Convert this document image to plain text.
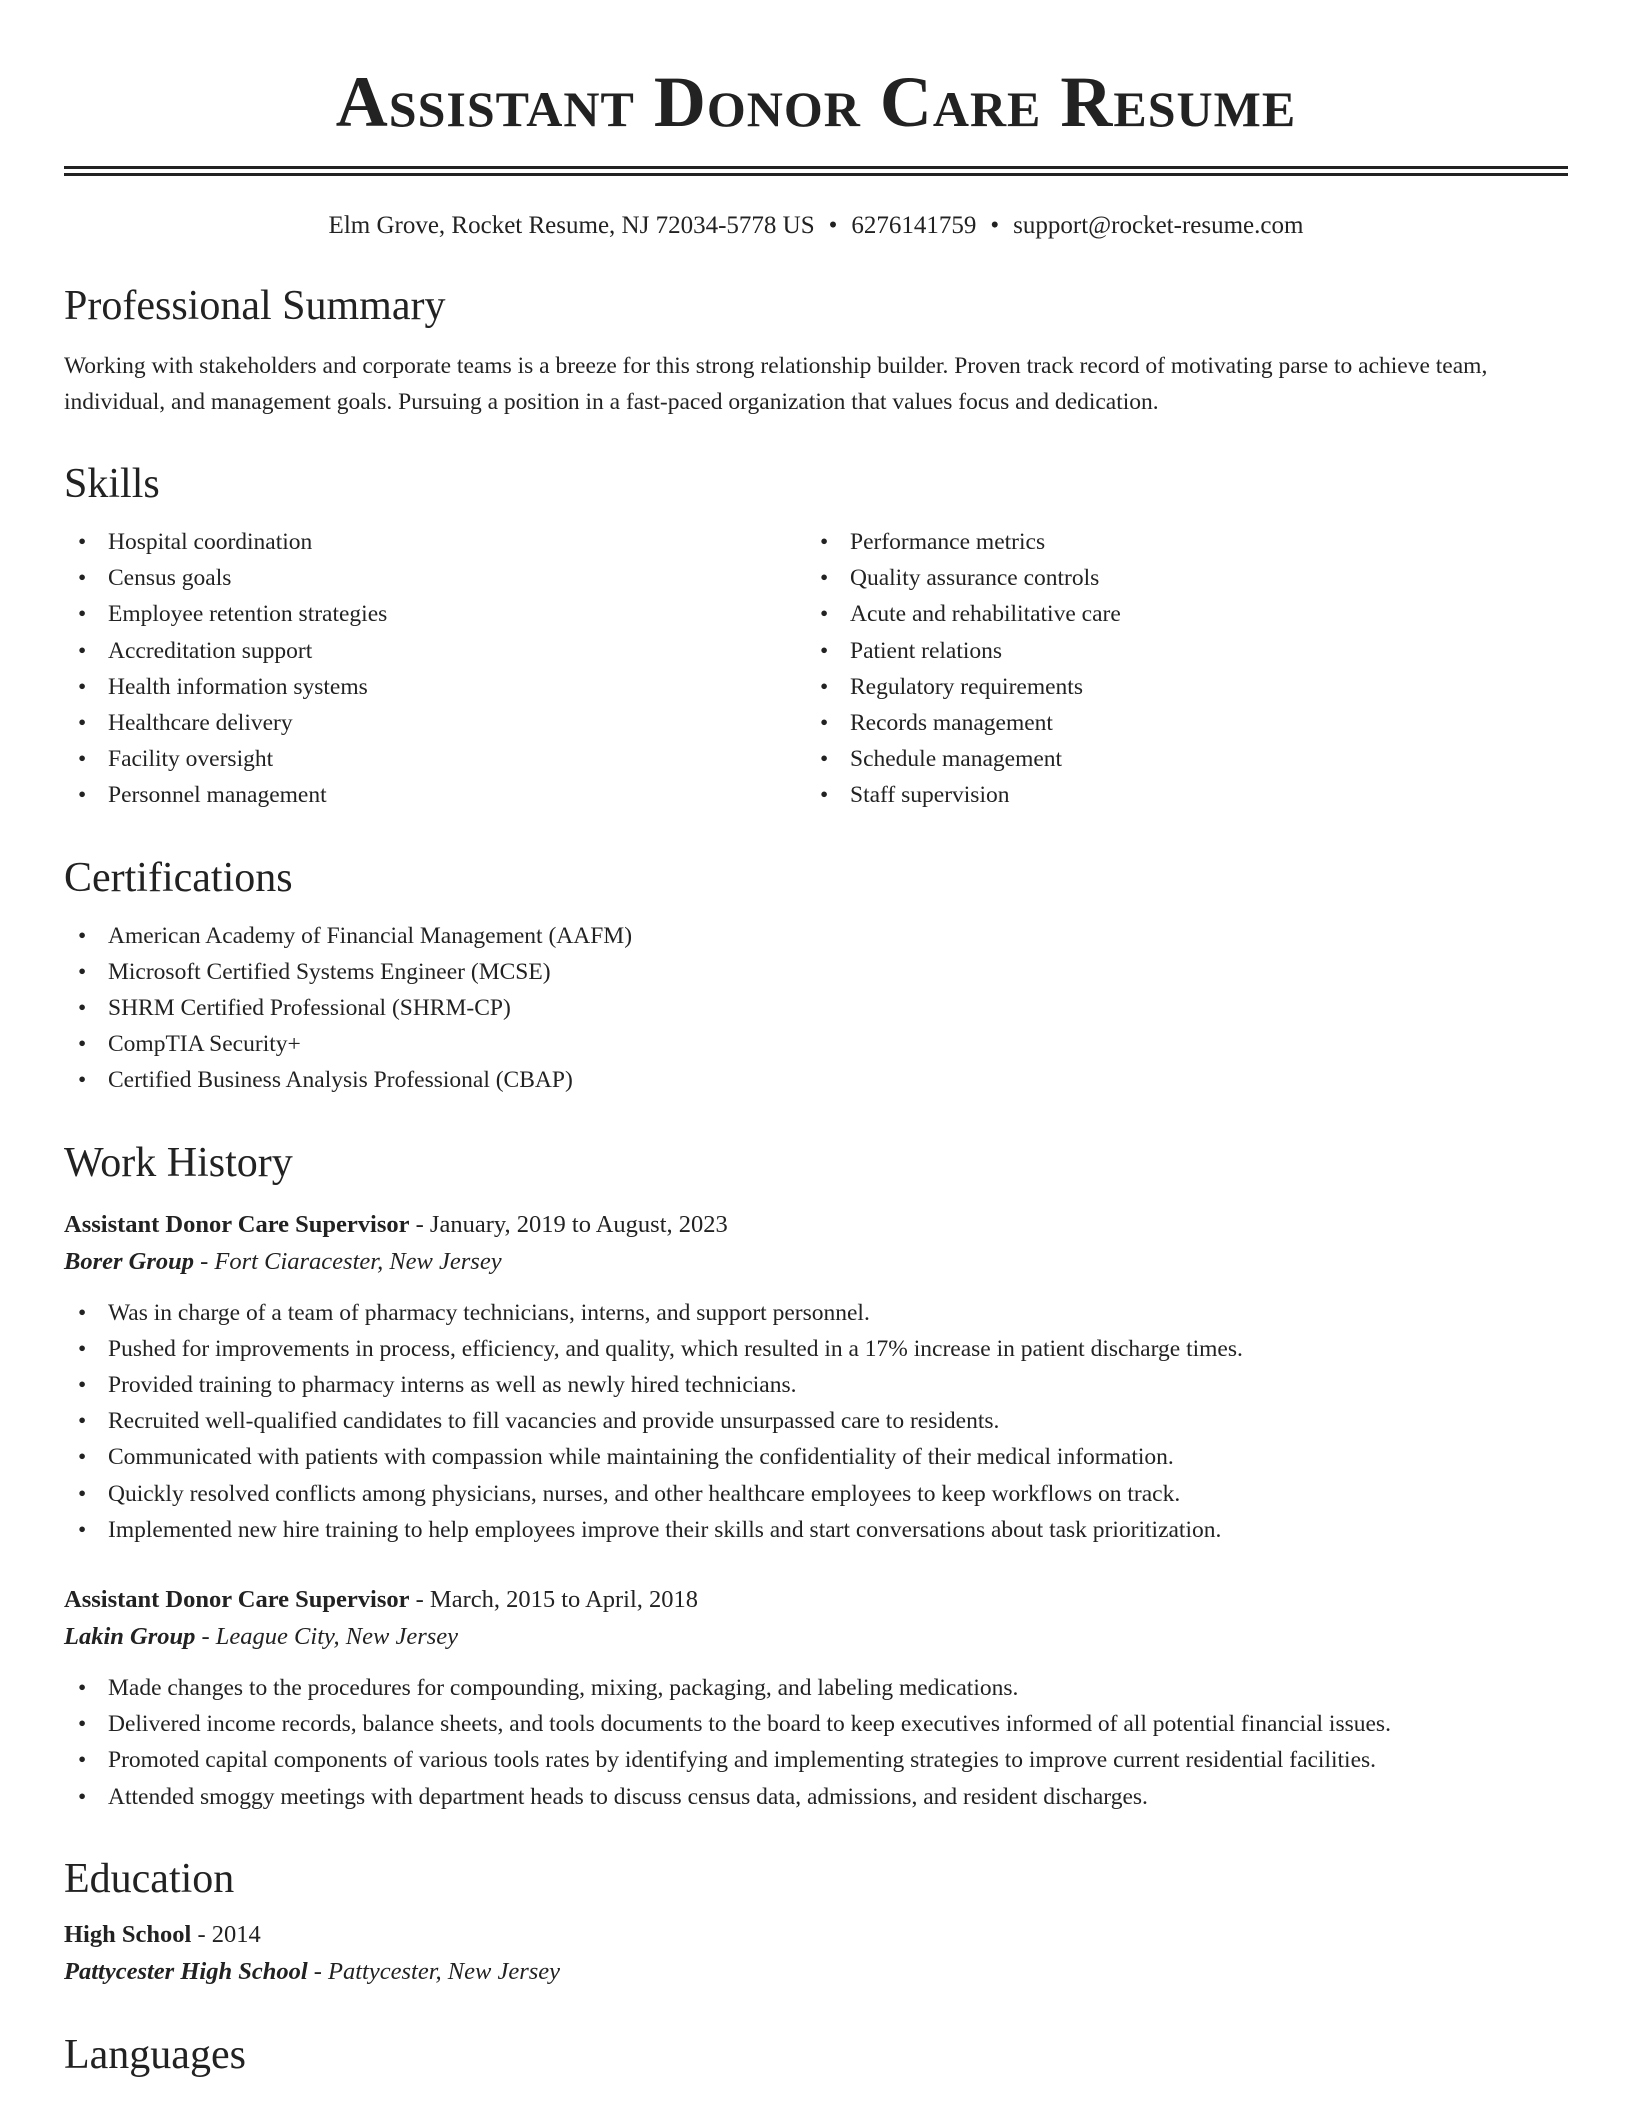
Assistant Donor Care Resume
Elm Grove, Rocket Resume, NJ 72034-5778 US • 6276141759 • support@rocket-resume.com
Professional Summary

Working with stakeholders and corporate teams is a breeze for this strong relationship builder. Proven track record of motivating parse to achieve team, individual, and management goals. Pursuing a position in a fast-paced organization that values focus and dedication.

Skills
• Hospital coordination
• Census goals
• Employee retention strategies
• Accreditation support
• Health information systems
• Healthcare delivery
• Facility oversight
• Personnel management
• Performance metrics
• Quality assurance controls
• Acute and rehabilitative care
• Patient relations
• Regulatory requirements
• Records management
• Schedule management
• Staff supervision
Certifications
• American Academy of Financial Management (AAFM)
• Microsoft Certified Systems Engineer (MCSE)
• SHRM Certified Professional (SHRM-CP)
• CompTIA Security+
• Certified Business Analysis Professional (CBAP)
Work History
Assistant Donor Care Supervisor - January, 2019 to August, 2023
Borer Group - Fort Ciaracester, New Jersey
• Was in charge of a team of pharmacy technicians, interns, and support personnel.
• Pushed for improvements in process, efficiency, and quality, which resulted in a 17% increase in patient discharge times.
• Provided training to pharmacy interns as well as newly hired technicians.
• Recruited well-qualified candidates to fill vacancies and provide unsurpassed care to residents.
• Communicated with patients with compassion while maintaining the confidentiality of their medical information.
• Quickly resolved conflicts among physicians, nurses, and other healthcare employees to keep workflows on track.
• Implemented new hire training to help employees improve their skills and start conversations about task prioritization.
Assistant Donor Care Supervisor - March, 2015 to April, 2018
Lakin Group - League City, New Jersey
• Made changes to the procedures for compounding, mixing, packaging, and labeling medications.
• Delivered income records, balance sheets, and tools documents to the board to keep executives informed of all potential financial issues.
• Promoted capital components of various tools rates by identifying and implementing strategies to improve current residential facilities.
• Attended smoggy meetings with department heads to discuss census data, admissions, and resident discharges.
Education
High School - 2014
Pattycester High School - Pattycester, New Jersey
Languages
